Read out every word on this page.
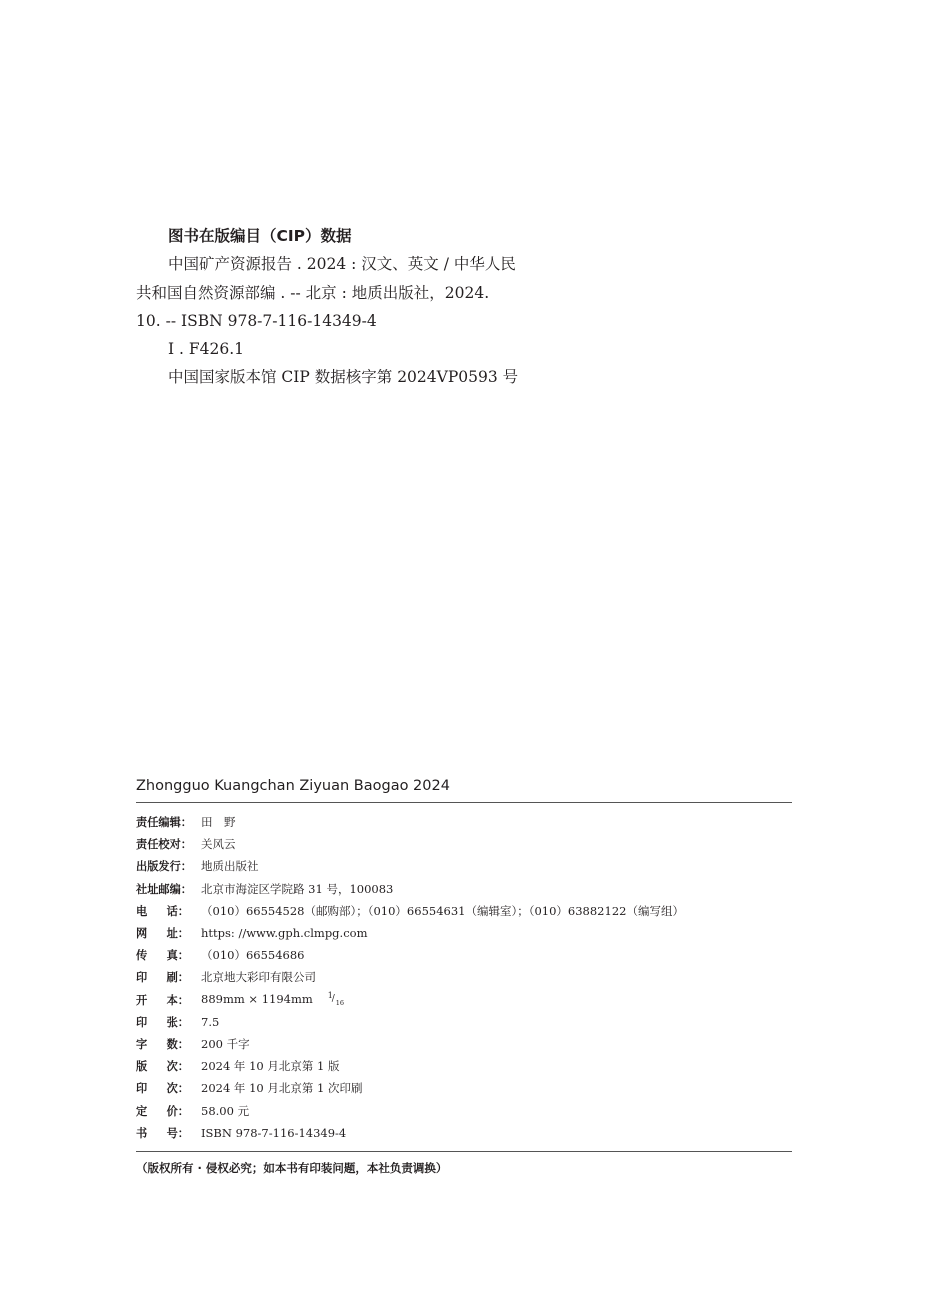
图书在版编目（CIP）数据
中国矿产资源报告 . 2024 : 汉文、英文 / 中华人民
共和国自然资源部编 . -- 北京 : 地质出版社，2024.
10. -- ISBN 978-7-116-14349-4
Ⅰ . F426.1
中国国家版本馆 CIP 数据核字第 2024VP0593 号
Zhongguo Kuangchan Ziyuan Baogao 2024
责任编辑 ： 田　野
责任校对 ： 关风云
出版发行 ： 地质出版社
社址邮编 ： 北京市海淀区学院路 31 号，100083
电 话： （010）66554528（邮购部）；（010）66554631（编辑室）；（010）63882122（编写组）
网 址： https: //www.gph.clmpg.com
传 真： （010）66554686
印 刷： 北京地大彩印有限公司
开 本： 889mm × 1194mm 1
/ 16
印 张： 7.5
字 数： 200 千字
版 次： 2024 年 10 月北京第 1 版
印 次： 2024 年 10 月北京第 1 次印刷
定 价： 58.00 元
书 号： ISBN 978-7-116-14349-4
（版权所有 · 侵权必究；如本书有印装问题，本社负责调换）
